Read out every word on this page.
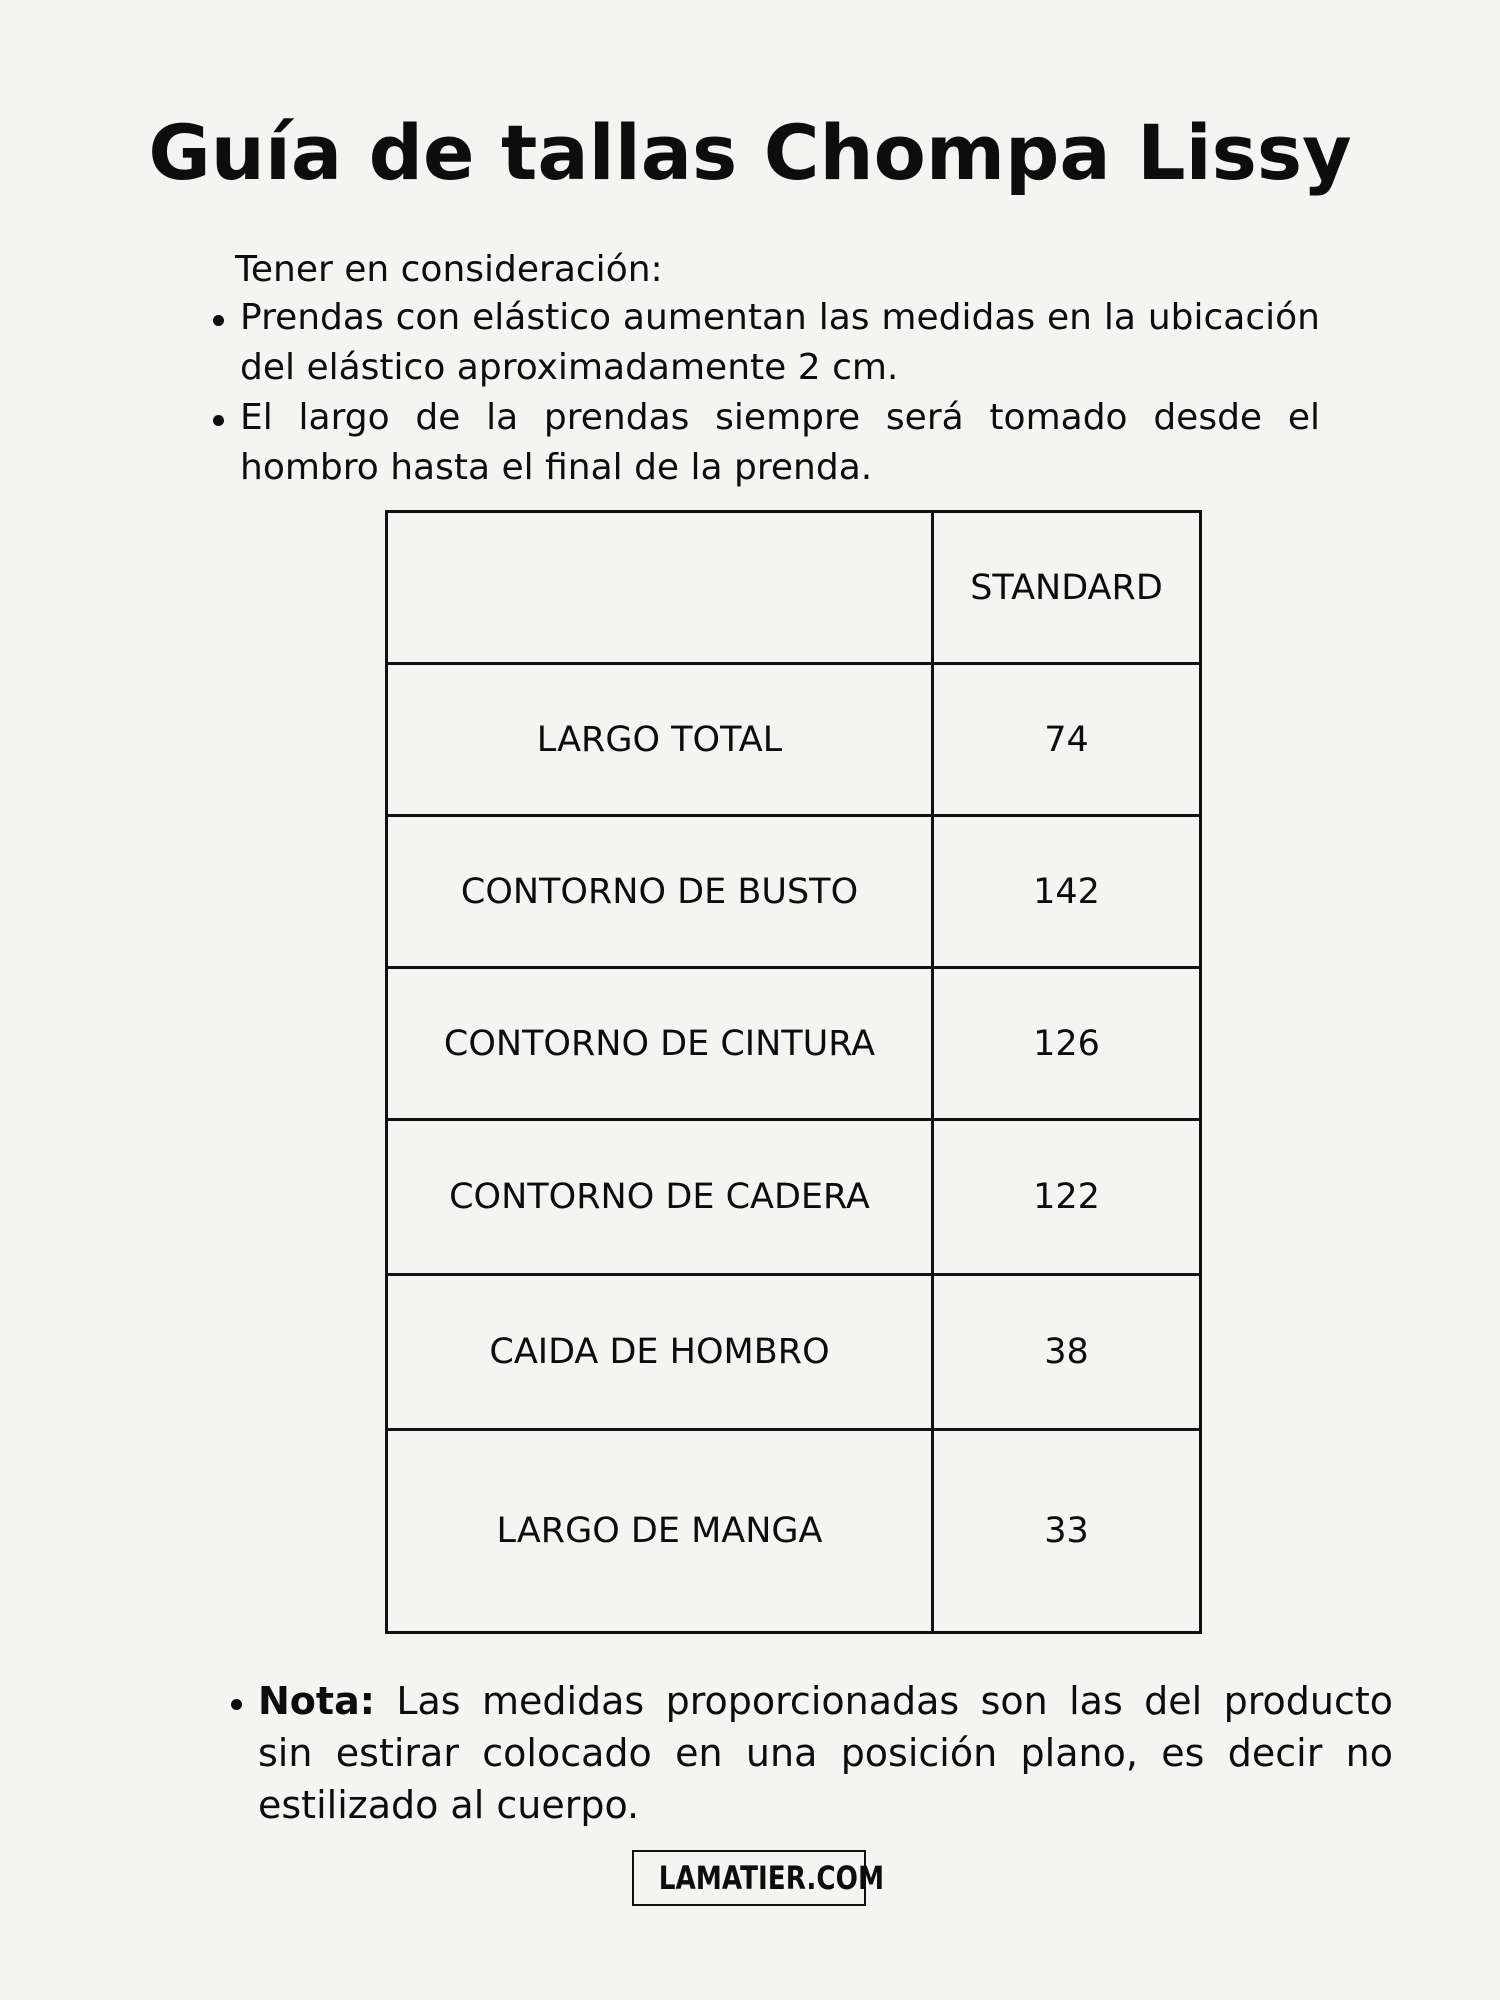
Guía de tallas Chompa Lissy

Tener en consideración:

Prendas con elástico aumentan las medidas en la ubicación del elástico aproximadamente 2 cm.
El largo de la prendas siempre será tomado desde el hombro hasta el final de la prenda.
	STANDARD
LARGO TOTAL	74
CONTORNO DE BUSTO	142
CONTORNO DE CINTURA	126
CONTORNO DE CADERA	122
CAIDA DE HOMBRO	38
LARGO DE MANGA	33
Nota: Las medidas proporcionadas son las del producto sin estirar colocado en una posición plano, es decir no estilizado al cuerpo.
LAMATIER.COM
